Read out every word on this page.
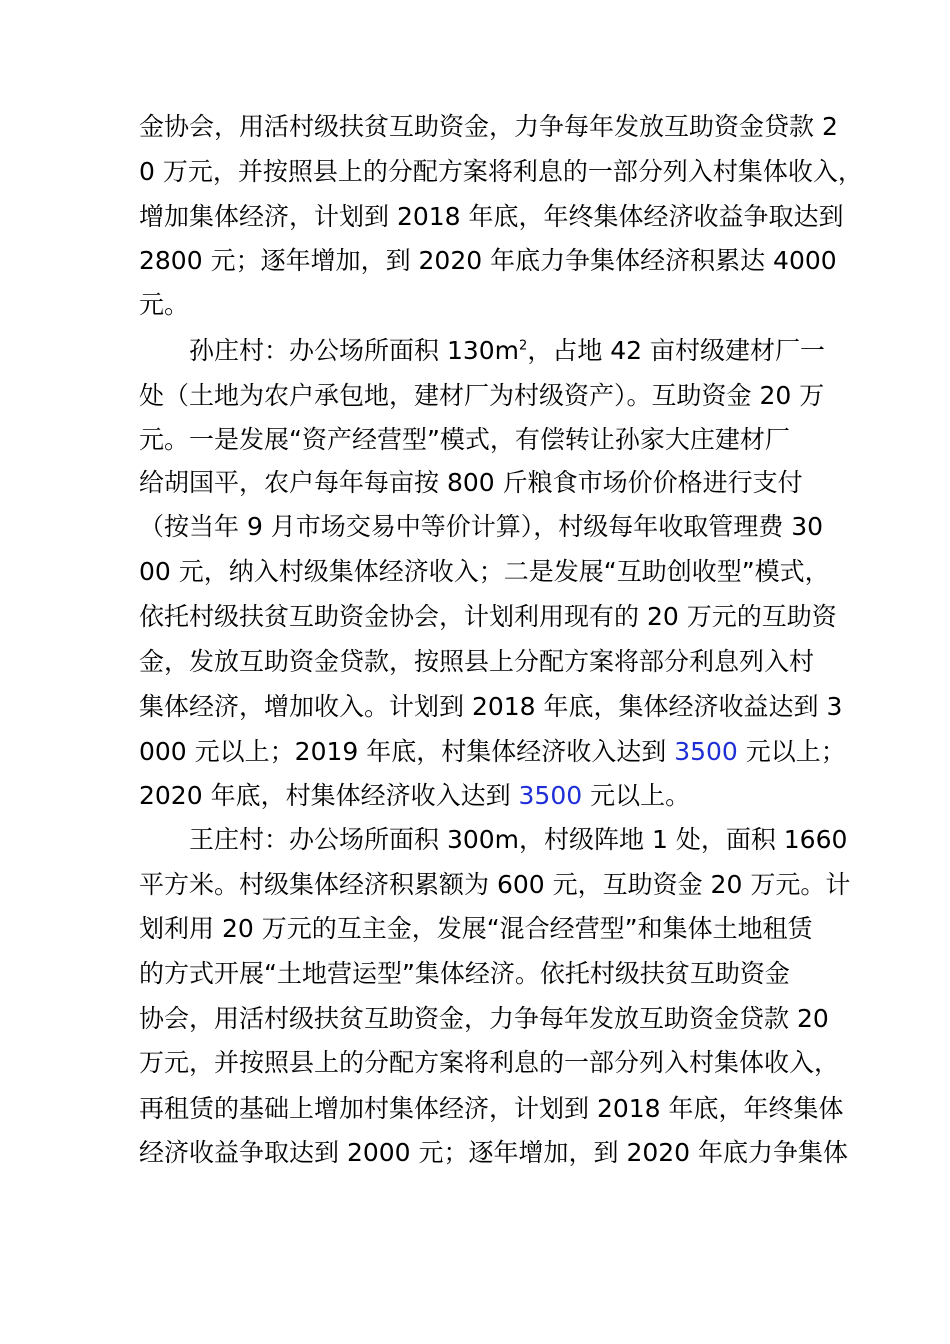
金协会，用活村级扶贫互助资金，力争每年发放互助资金贷款 2
0 万元，并按照县上的分配方案将利息的一部分列入村集体收入，
增加集体经济，计划到 2018 年底，年终集体经济收益争取达到
2800 元；逐年增加，到 2020 年底力争集体经济积累达 4000
元。
孙庄村：办公场所面积 $130m^2$，占地 42 亩村级建材厂一
处（土地为农户承包地，建材厂为村级资产）。互助资金 20 万
元。一是发展“资产经营型”模式，有偿转让孙家大庄建材厂
给胡国平，农户每年每亩按 800 斤粮食市场价价格进行支付
（按当年 9 月市场交易中等价计算），村级每年收取管理费 30
00 元，纳入村级集体经济收入；二是发展“互助创收型”模式，
依托村级扶贫互助资金协会，计划利用现有的 20 万元的互助资
金，发放互助资金贷款，按照县上分配方案将部分利息列入村
集体经济，增加收入。计划到 2018 年底，集体经济收益达到 3
000 元以上；2019 年底，村集体经济收入达到 3500 元以上；
2020 年底，村集体经济收入达到 3500 元以上。
王庄村：办公场所面积 300m，村级阵地 1 处，面积 1660
平方米。村级集体经济积累额为 600 元，互助资金 20 万元。计
划利用 20 万元的互主金，发展“混合经营型”和集体土地租赁
的方式开展“土地营运型”集体经济。依托村级扶贫互助资金
协会，用活村级扶贫互助资金，力争每年发放互助资金贷款 20
万元，并按照县上的分配方案将利息的一部分列入村集体收入，
再租赁的基础上增加村集体经济，计划到 2018 年底，年终集体
经济收益争取达到 2000 元；逐年增加，到 2020 年底力争集体
